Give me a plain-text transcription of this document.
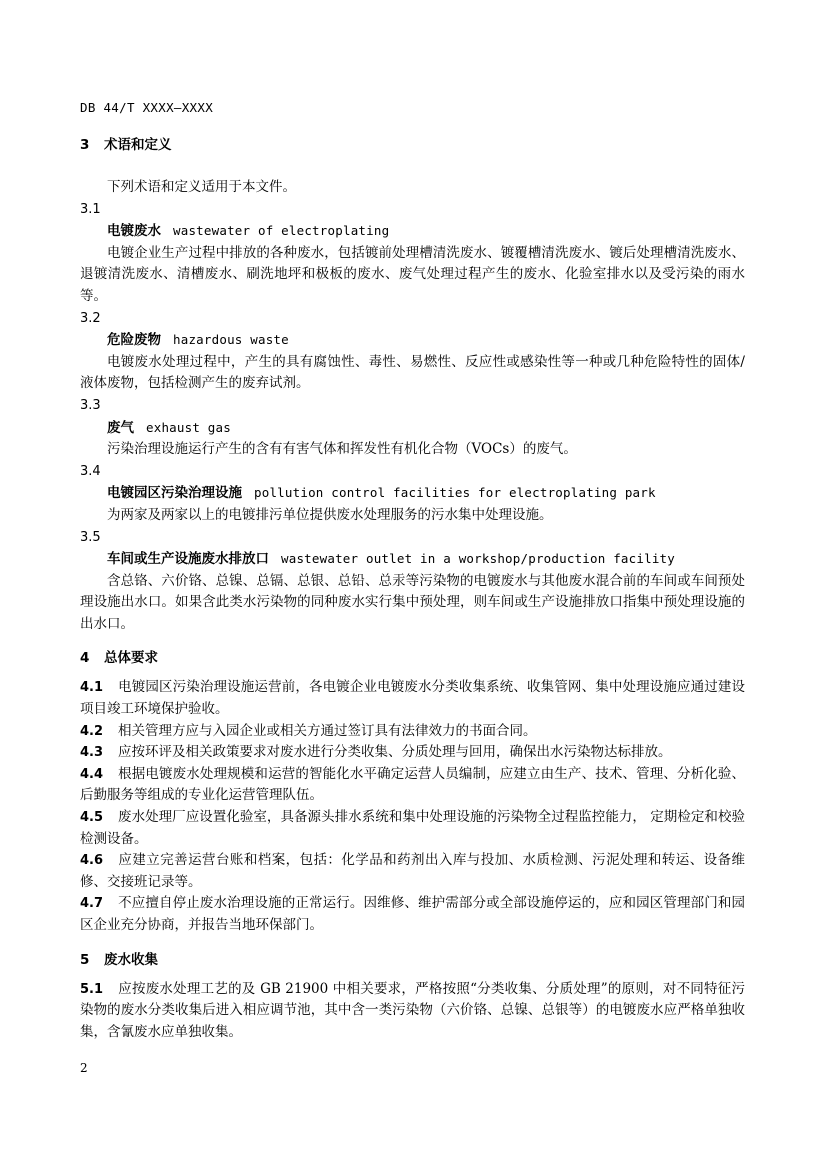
DB 44/T XXXX—XXXX
3 术语和定义

下列术语和定义适用于本文件。

3.1
电镀废水 wastewater of electroplating

电镀企业生产过程中排放的各种废水，包括镀前处理槽清洗废水、镀覆槽清洗废水、镀后处理槽清洗废水、退镀清洗废水、清槽废水、刷洗地坪和极板的废水、废气处理过程产生的废水、化验室排水以及受污染的雨水等。

3.2
危险废物 hazardous waste

电镀废水处理过程中，产生的具有腐蚀性、毒性、易燃性、反应性或感染性等一种或几种危险特性的固体/液体废物，包括检测产生的废弃试剂。

3.3
废气 exhaust gas

污染治理设施运行产生的含有有害气体和挥发性有机化合物（VOCs）的废气。

3.4
电镀园区污染治理设施 pollution control facilities for electroplating park

为两家及两家以上的电镀排污单位提供废水处理服务的污水集中处理设施。

3.5
车间或生产设施废水排放口 wastewater outlet in a workshop/production facility

含总铬、六价铬、总镍、总镉、总银、总铅、总汞等污染物的电镀废水与其他废水混合前的车间或车间预处理设施出水口。如果含此类水污染物的同种废水实行集中预处理，则车间或生产设施排放口指集中预处理设施的出水口。

4 总体要求

4.1 电镀园区污染治理设施运营前，各电镀企业电镀废水分类收集系统、收集管网、集中处理设施应通过建设项目竣工环境保护验收。

4.2 相关管理方应与入园企业或相关方通过签订具有法律效力的书面合同。

4.3 应按环评及相关政策要求对废水进行分类收集、分质处理与回用，确保出水污染物达标排放。

4.4 根据电镀废水处理规模和运营的智能化水平确定运营人员编制，应建立由生产、技术、管理、分析化验、后勤服务等组成的专业化运营管理队伍。

4.5 废水处理厂应设置化验室，具备源头排水系统和集中处理设施的污染物全过程监控能力， 定期检定和校验检测设备。

4.6 应建立完善运营台账和档案，包括：化学品和药剂出入库与投加、水质检测、污泥处理和转运、设备维修、交接班记录等。

4.7 不应擅自停止废水治理设施的正常运行。因维修、维护需部分或全部设施停运的，应和园区管理部门和园区企业充分协商，并报告当地环保部门。

5 废水收集

5.1 应按废水处理工艺的及 GB 21900 中相关要求，严格按照“分类收集、分质处理”的原则，对不同特征污染物的废水分类收集后进入相应调节池，其中含一类污染物（六价铬、总镍、总银等）的电镀废水应严格单独收集，含氰废水应单独收集。

2
